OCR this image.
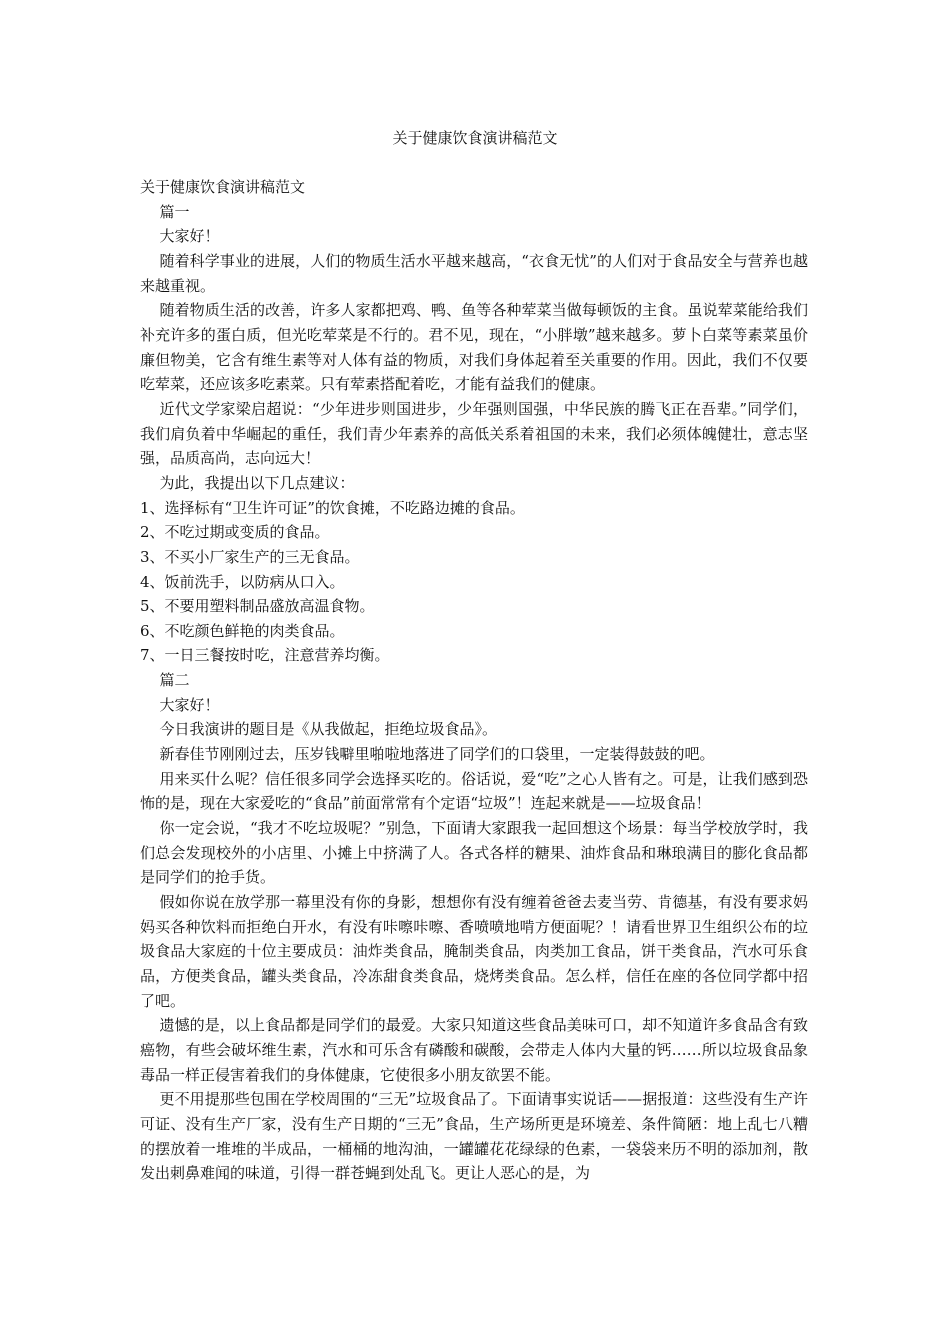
关于健康饮食演讲稿范文

关于健康饮食演讲稿范文

篇一

大家好！

随着科学事业的进展，人们的物质生活水平越来越高，“衣食无忧”的人们对于食品安全与营养也越来越重视。

随着物质生活的改善，许多人家都把鸡、鸭、鱼等各种荤菜当做每顿饭的主食。虽说荤菜能给我们补充许多的蛋白质，但光吃荤菜是不行的。君不见，现在，“小胖墩”越来越多。萝卜白菜等素菜虽价廉但物美，它含有维生素等对人体有益的物质，对我们身体起着至关重要的作用。因此，我们不仅要吃荤菜，还应该多吃素菜。只有荤素搭配着吃，才能有益我们的健康。

近代文学家梁启超说：“少年进步则国进步，少年强则国强，中华民族的腾飞正在吾辈。”同学们，我们肩负着中华崛起的重任，我们青少年素养的高低关系着祖国的未来，我们必须体魄健壮，意志坚强，品质高尚，志向远大！

为此，我提出以下几点建议：

1、选择标有“卫生许可证”的饮食摊，不吃路边摊的食品。

2、不吃过期或变质的食品。

3、不买小厂家生产的三无食品。

4、饭前洗手，以防病从口入。

5、不要用塑料制品盛放高温食物。

6、不吃颜色鲜艳的肉类食品。

7、一日三餐按时吃，注意营养均衡。

篇二

大家好！

今日我演讲的题目是《从我做起，拒绝垃圾食品》。

新春佳节刚刚过去，压岁钱噼里啪啦地落进了同学们的口袋里，一定装得鼓鼓的吧。

用来买什么呢？信任很多同学会选择买吃的。俗话说，爱“吃”之心人皆有之。可是，让我们感到恐怖的是，现在大家爱吃的“食品”前面常常有个定语“垃圾”！连起来就是——垃圾食品！

你一定会说，“我才不吃垃圾呢？”别急，下面请大家跟我一起回想这个场景：每当学校放学时，我们总会发现校外的小店里、小摊上中挤满了人。各式各样的糖果、油炸食品和琳琅满目的膨化食品都是同学们的抢手货。

假如你说在放学那一幕里没有你的身影，想想你有没有缠着爸爸去麦当劳、肯德基，有没有要求妈妈买各种饮料而拒绝白开水，有没有咔嚓咔嚓、香喷喷地啃方便面呢？！请看世界卫生组织公布的垃圾食品大家庭的十位主要成员：油炸类食品，腌制类食品，肉类加工食品，饼干类食品，汽水可乐食品，方便类食品，罐头类食品，冷冻甜食类食品，烧烤类食品。怎么样，信任在座的各位同学都中招了吧。

遗憾的是，以上食品都是同学们的最爱。大家只知道这些食品美味可口，却不知道许多食品含有致癌物，有些会破坏维生素，汽水和可乐含有磷酸和碳酸，会带走人体内大量的钙……所以垃圾食品象毒品一样正侵害着我们的身体健康，它使很多小朋友欲罢不能。

更不用提那些包围在学校周围的“三无”垃圾食品了。下面请事实说话——据报道：这些没有生产许可证、没有生产厂家，没有生产日期的“三无”食品，生产场所更是环境差、条件简陋：地上乱七八糟的摆放着一堆堆的半成品，一桶桶的地沟油，一罐罐花花绿绿的色素，一袋袋来历不明的添加剂，散发出刺鼻难闻的味道，引得一群苍蝇到处乱飞。更让人恶心的是，为
